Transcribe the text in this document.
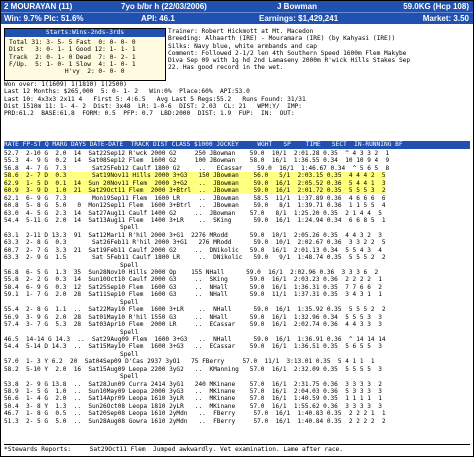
2 MOURAYAN (11)	7yo b/br h (22/03/2006)	J Bowman	59.0KG (Hcp 108)
Win: 9.7% Plc: 51.6%	API: 46.1	Earnings: $1,429,241	Market: 3.50
Starts:Wins-2nds-3rds
Total 31: 3- 5- 5 Fast  0: 0- 0- 0
Dist   3: 0- 1- 1 Good 12: 1- 1- 1
Track  2: 0- 1- 0 Dead  7: 0- 2- 1
F/Up.  5: 1- 0- 1 Slow  4: 1- 0- 1
H'vy  2: 0- 0- 0
Trainer: Robert Hickmott at Mt. Macedon
Breeding: Alhaarth (IRE) - Mouramara (IRE) (by Kahyasi (IRE))
Silks: Navy blue, white armbands and cap
Comment: Followed 2-1/2 len 4th Southern Speed 1600m Flem Makybe
Diva Sep 09 with 1g hd 2nd Lamaseny 2000m R'wick Hills Stakes Sep
22. Has good record in the wet.
Won over: 1(1609) 1(1810) 1(2500)
Last 12 Months: $265,000  5: 0- 1- 2   Win:0%  Place:60%  API:53.0
Last 10: 4x3x3 2x11 4   First 5: 4:6.5   Avg Last 5 Regs:55.2   Runs Found: 31/31
Dist 1510m 11: 1- 4- 2  Dist: 3x48  LR: 1-0-6  DIST: 2.03  CL: 21   WPM:Y/  IMP:
PRD:61.2  BASE:61.8  FORM: 0.5  PFP: 0.7  LBD:2000  DIST: 1.9  FUP:  IN:  OUT:
RATE FP-ST Q MARG DAYS DATE-DATE  TRACK DIST CLASS $1000 JOCKEY     WGHT   SP    TIME   SECT  IN-RUNNING BF
52.7  2-10 G  2.0  14  Sat22Sep12 R'wck 2000 G2     250 JBowman    59.0  10/1  2:01.28 0.35  ^ 4 3 3 2  1
55.3  4- 9 G  0.2  14  Sat08Sep12 Flem  1600 G2     100 JBowman    58.0  16/1  1:36.55 0.34  10 10 9 4  9
56.8  4- 7 G  7.3       Sat25Feb12 Caulf 1800 G2     ..   ECassar    59.0  16/1  1:46.67 0.34  ^ 5 6 5  8
58.6  2- 7 D  0.3       Sat19Nov11 Hills 2000 3+G3   150 JBowman    56.0   5/1  2:03.15 0.35  4 4 4 2  5
62.9  1- 5 D  0.1  14  Sun 20Nov11 Flem  2000 3+G2   ..  JBowman    59.0  16/1  2:05.52 0.36  5 4 4 1  3
60.9  3- 9 D  1.0  21  Sat29Oct11 Flem  2000 3+Btrl  ..  JBowman    59.0  16/1  2:01.72 0.35  5 5 5 3  2
62.1  6- 9 G  7.3       Mon19Sep11 Flem  1600 LR     ..  JBowman    58.5  11/1  1:37.89 0.36  4 6 6 6  6
60.8  5- 8 G  5.0   0  Mon12Sep11 Flem  1600 3+Btrl  ..  JBowman    59.0   8/1  1:39.71 0.36  1 1 5 5  4
63.0  4- 5 G  2.3  14  Sat27Aug11 Caulf 1400 G2     ..  JBowman    57.0   8/1  1:25.20 0.35  2 1 4 4  5
54.4  5-11 G  2.0  14  Sat13Aug11 Flem  1400 3+LR    ..  SKing      59.0  16/1  1:24.94 0.34  6 6 8 5  1
Spell
63.1  2-11 D 13.3  91  Sat12Mar11 R'hil 2000 3+G1  2276 MRodd      59.0  10/1  2:05.26 0.35  4 4 3 2  3
63.3  2- 8 G  0.3       Sat26Feb11 R'hil 2000 3+G1   276 MRodd      59.0  10/1  2:02.67 0.36  3 3 2 2  5
60.7  2- 7 G  3.3  21  Sat19Feb11 Caulf 2000 G2     ..  DNikolic   59.0  16/1  2:01.13 0.34  5 5 4 3  4
63.3  2- 9 G  1.5       Sat 5Feb11 Caulf 1800 LR     ..  DNikolic   59.0   9/1  1:48.74 0.35  5 5 5 2  2
Spell
56.8  6- 5 G  1.3  35  Sun28Nov10 Hills 2000 Op    155 NHall      59.0  16/1  2:02.96 0.36  3 3 3 6  2
55.8  2- 2 G  0.3  14  Sun10Oct10 Caulf 2000 G3     ..  SKing      59.0  16/1  2:03.23 0.36  2 2 2 2  1
58.4  6- 9 G  0.3  12  Sat25Sep10 Flem  1600 G3     ..  NHall      59.0  16/1  1:36.31 0.35  7 7 6 6  2
59.1  1- 7 G  2.0  28  Sat11Sep10 Flem  1600 G3     ..  NHall      59.0  11/1  1:37.31 0.35  3 4 3 1  1
Spell
55.4  2- 8 G  1.1  ..  Sat22May10 Flem  1600 3+LR    ..  NHall      59.0  16/1  1:35.92 0.35  5 5 5 2  2
56.9  3- 9 G  2.0  28  Sat01May10 R'hil 1550 G3     ..  NHall      59.0  16/1  1:32.96 0.34  5 5 5 3  3
57.4  3- 7 G  5.3  28  Sat03Apr10 Flem  2000 LR     ..  ECassar    59.0  16/1  2:02.74 0.36  4 4 3 3  3
Spell
46.5  14-14 G 14.3  ..  Sat29Aug09 Flem  1600 3+G3   ..  NHall      59.0  16/1  1:36.91 0.36  ^ 14 14 14
54.4  5-14 D 14.3  ..  Sat15May10 Flem  1600 3+G3   ..  ECassar    59.0  16/1  1:36.51 0.35  5 6 5 5  3
Spell
57.0  1- 3 Y 6.2  20  Sat04Sep09 D'Cas 2937 3yO1   75 FBerry     57.0  11/1  3:13.01 0.35  5 4 1 1  1
58.2  5-10 Y  2.0  16  Sat15Aug09 Leopa 2200 3yG2   ..  KManning   57.0  16/1  2:32.09 0.35  5 5 5 5  3
Spell
53.8  2- 9 G 13.8  ..  Sat28Jun09 Curra 2414 3yG1   240 MKinane    57.0  16/1  2:31.75 0.36  3 3 3 3  2
58.9  1- 5 G  1.0  ..  Sun10May09 Leopa 2000 3yG3   ..  MKinane    57.0  16/1  2:04.03 0.36  5 3 3 3  3
56.6  1- 4 G  2.0  ..  Sat14Apr09 Leopa 1610 3yLR   ..  MKinane    57.0  16/1  1:40.59 0.35  1 1 1 1  1
50.4  3- 8 Y  1.3  ..  Sun26Oct08 Leopa 1810 2yLR   ..  MKinane    57.0  16/1  1:55.62 0.36  3 3 3 3  3
46.7  1- 8 G  0.5  ..  Sat20Sep08 Leopa 1610 2yMdn   ..  FBerry     57.0  16/1  1:40.83 0.35  2 2 2 1  1
51.3  2- 5 G  5.0  ..  Sun28Aug08 Gowra 1610 2yMdn   ..  FBerry     57.0  16/1  1:40.84 0.35  2 2 2 2  2
*Stewards Reports:     Sat29Oct11 Flem  Jumped awkwardly. Vet examination. Lame after race.
